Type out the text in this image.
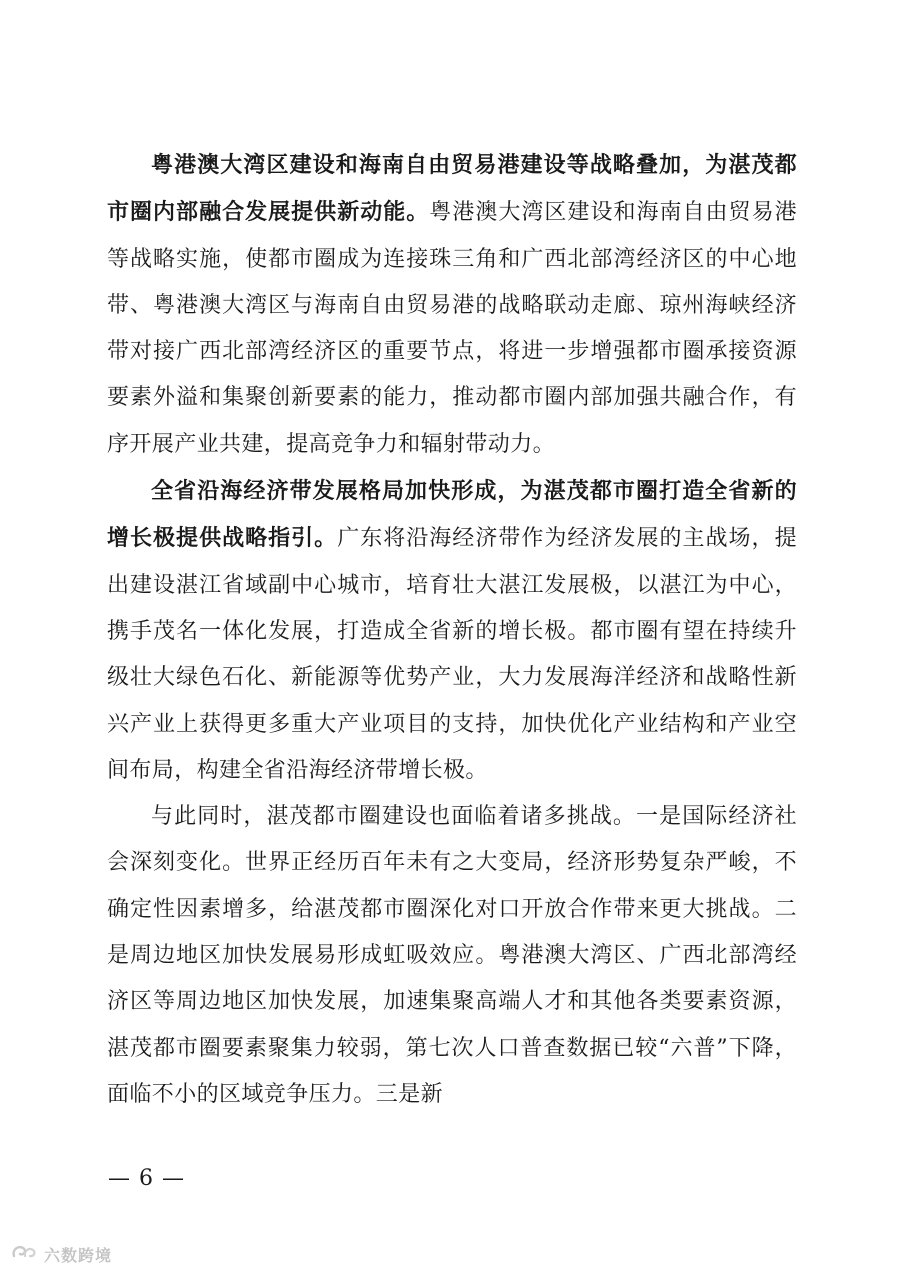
粤港澳大湾区建设和海南自由贸易港建设等战略叠加，为湛茂都市圈内部融合发展提供新动能。粤港澳大湾区建设和海南自由贸易港等战略实施，使都市圈成为连接珠三角和广西北部湾经济区的中心地带、粤港澳大湾区与海南自由贸易港的战略联动走廊、琼州海峡经济带对接广西北部湾经济区的重要节点，将进一步增强都市圈承接资源要素外溢和集聚创新要素的能力，推动都市圈内部加强共融合作，有序开展产业共建，提高竞争力和辐射带动力。

全省沿海经济带发展格局加快形成，为湛茂都市圈打造全省新的增长极提供战略指引。广东将沿海经济带作为经济发展的主战场，提出建设湛江省域副中心城市，培育壮大湛江发展极，以湛江为中心，携手茂名一体化发展，打造成全省新的增长极。都市圈有望在持续升级壮大绿色石化、新能源等优势产业，大力发展海洋经济和战略性新兴产业上获得更多重大产业项目的支持，加快优化产业结构和产业空间布局，构建全省沿海经济带增长极。

与此同时，湛茂都市圈建设也面临着诸多挑战。一是国际经济社会深刻变化。世界正经历百年未有之大变局，经济形势复杂严峻，不确定性因素增多，给湛茂都市圈深化对口开放合作带来更大挑战。二是周边地区加快发展易形成虹吸效应。粤港澳大湾区、广西北部湾经济区等周边地区加快发展，加速集聚高端人才和其他各类要素资源，湛茂都市圈要素聚集力较弱，第七次人口普查数据已较“六普”下降，面临不小的区域竞争压力。三是新

— 6 —
六数跨境
